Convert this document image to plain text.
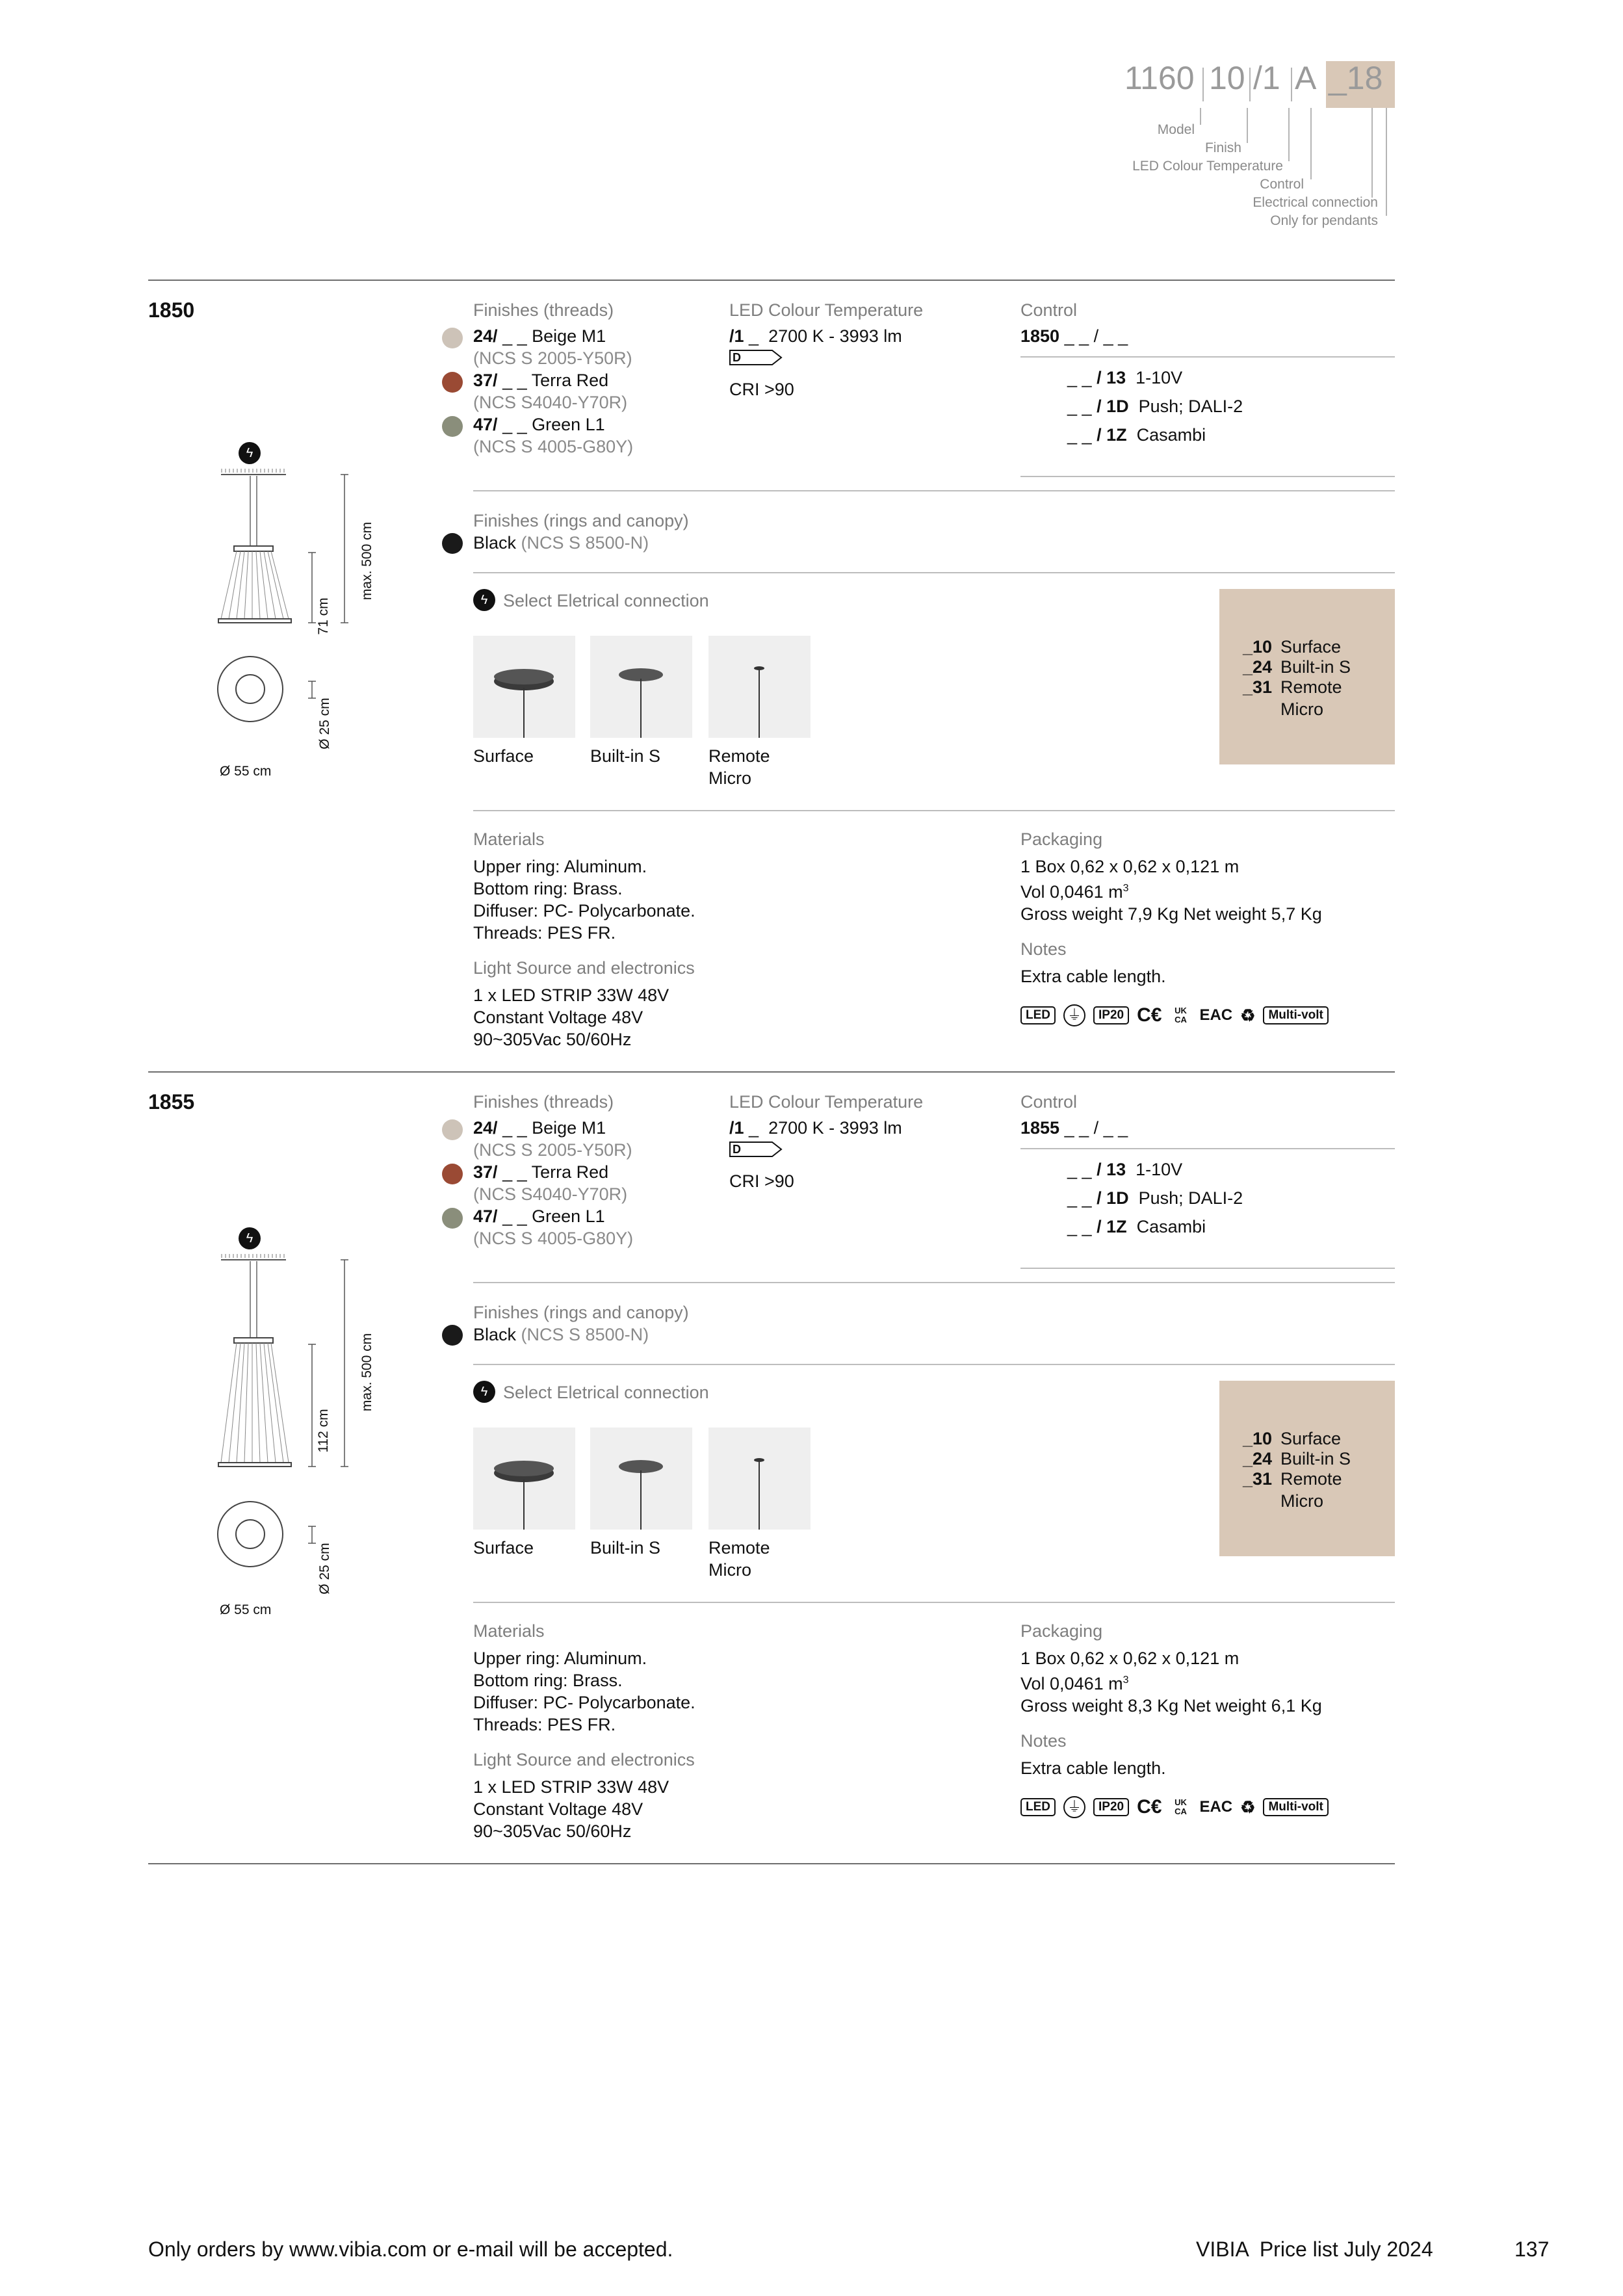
1160 10 /1 A _18
Model
Finish
LED Colour Temperature
Control
Electrical connection
Only for pendants
1850
ϟ
71 cm
max. 500 cm
Ø 25 cm
Ø 55 cm
Finishes (threads)
24/ _ _ Beige M1
(NCS S 2005-Y50R)
37/ _ _ Terra Red
(NCS S4040-Y70R)
47/ _ _ Green L1
(NCS S 4005-G80Y)
LED Colour Temperature
/1 _ 2700 K - 3993 lm
D
CRI >90
Control
1850 _ _ / _ _
_ _ / 13 1-10V
_ _ / 1D Push; DALI-2
_ _ / 1Z Casambi
Finishes (rings and canopy)
Black (NCS S 8500-N)
ϟ Select Eletrical connection
Surface	Built-in S	Remote Micro
_10 Surface
_24 Built-in S
_31 Remote Micro
Materials
Upper ring: Aluminum.
Bottom ring: Brass.
Diffuser: PC- Polycarbonate.
Threads: PES FR.
Light Source and electronics
1 x LED STRIP 33W 48V
Constant Voltage 48V
90~305Vac 50/60Hz
Packaging
1 Box 0,62 x 0,62 x 0,121 m
Vol 0,0461 $m^3$
Gross weight 7,9 Kg Net weight 5,7 Kg
Notes
Extra cable length.
LED	⏚	IP20 C€	UK CA EAC ♻	Multi-volt
1855
ϟ
112 cm
max. 500 cm
Ø 25 cm
Ø 55 cm
Finishes (threads)
24/ _ _ Beige M1
(NCS S 2005-Y50R)
37/ _ _ Terra Red
(NCS S4040-Y70R)
47/ _ _ Green L1
(NCS S 4005-G80Y)
LED Colour Temperature
/1 _ 2700 K - 3993 lm
D
CRI >90
Control
1855 _ _ / _ _
_ _ / 13 1-10V
_ _ / 1D Push; DALI-2
_ _ / 1Z Casambi
Finishes (rings and canopy)
Black (NCS S 8500-N)
ϟ Select Eletrical connection
Surface	Built-in S	Remote Micro
_10 Surface
_24 Built-in S
_31 Remote Micro
Materials
Upper ring: Aluminum.
Bottom ring: Brass.
Diffuser: PC- Polycarbonate.
Threads: PES FR.
Light Source and electronics
1 x LED STRIP 33W 48V
Constant Voltage 48V
90~305Vac 50/60Hz
Packaging
1 Box 0,62 x 0,62 x 0,121 m
Vol 0,0461 $m^3$
Gross weight 8,3 Kg Net weight 6,1 Kg
Notes
Extra cable length.
LED	⏚	IP20 C€	UK CA EAC ♻	Multi-volt
Only orders by www.vibia.com or e-mail will be accepted.	VIBIA  Price list July 2024	137
